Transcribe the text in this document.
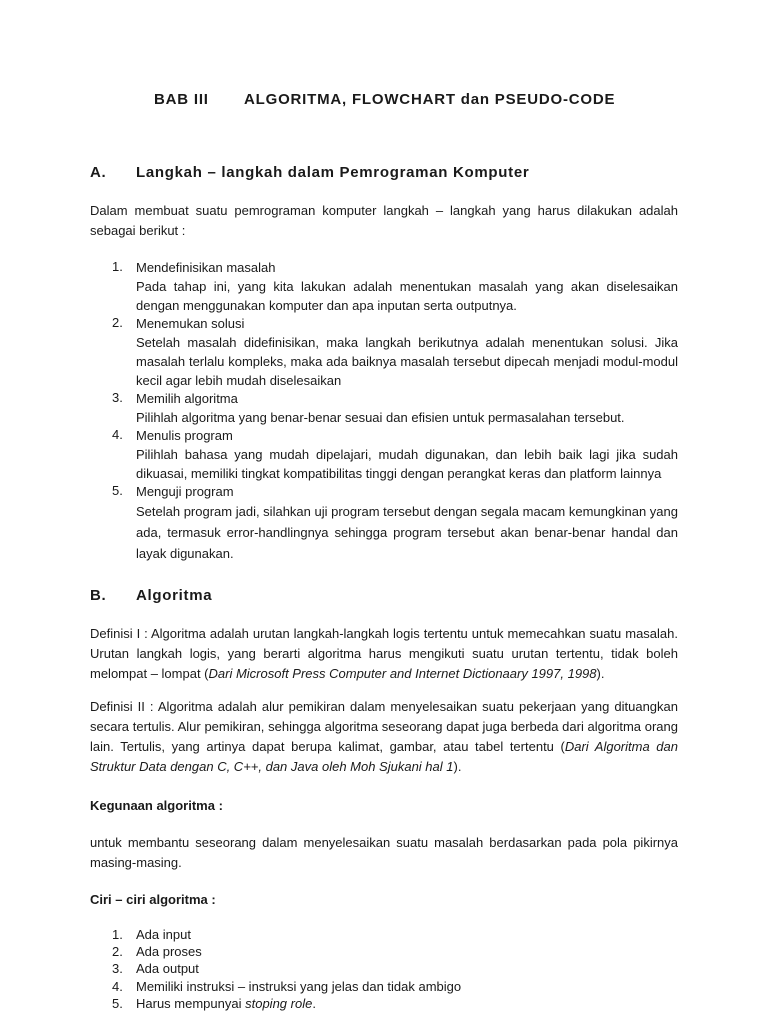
BAB III ALGORITMA, FLOWCHART dan PSEUDO-CODE
A. Langkah – langkah dalam Pemrograman Komputer
Dalam membuat suatu pemrograman komputer langkah – langkah yang harus dilakukan adalah sebagai berikut :
1. Mendefinisikan masalah
Pada tahap ini, yang kita lakukan adalah menentukan masalah yang akan diselesaikan dengan menggunakan komputer dan apa inputan serta outputnya.
2. Menemukan solusi
Setelah masalah didefinisikan, maka langkah berikutnya adalah menentukan solusi. Jika masalah terlalu kompleks, maka ada baiknya masalah tersebut dipecah menjadi modul-modul kecil agar lebih mudah diselesaikan
3. Memilih algoritma
Pilihlah algoritma yang benar-benar sesuai dan efisien untuk permasalahan tersebut.
4. Menulis program
Pilihlah bahasa yang mudah dipelajari, mudah digunakan, dan lebih baik lagi jika sudah dikuasai, memiliki tingkat kompatibilitas tinggi dengan perangkat keras dan platform lainnya
5. Menguji program
Setelah program jadi, silahkan uji program tersebut dengan segala macam kemungkinan yang ada, termasuk error-handlingnya sehingga program tersebut akan benar-benar handal dan layak digunakan.
B. Algoritma
Definisi I : Algoritma adalah urutan langkah-langkah logis tertentu untuk memecahkan suatu masalah. Urutan langkah logis, yang berarti algoritma harus mengikuti suatu urutan tertentu, tidak boleh melompat – lompat (Dari Microsoft Press Computer and Internet Dictionaary 1997, 1998).
Definisi II : Algoritma adalah alur pemikiran dalam menyelesaikan suatu pekerjaan yang dituangkan secara tertulis. Alur pemikiran, sehingga algoritma seseorang dapat juga berbeda dari algoritma orang lain. Tertulis, yang artinya dapat berupa kalimat, gambar, atau tabel tertentu (Dari Algoritma dan Struktur Data dengan C, C++, dan Java oleh Moh Sjukani hal 1).
Kegunaan algoritma :
untuk membantu seseorang dalam menyelesaikan suatu masalah berdasarkan pada pola pikirnya masing-masing.
Ciri – ciri algoritma :
1. Ada input
2. Ada proses
3. Ada output
4. Memiliki instruksi – instruksi yang jelas dan tidak ambigo
5. Harus mempunyai stoping role.
